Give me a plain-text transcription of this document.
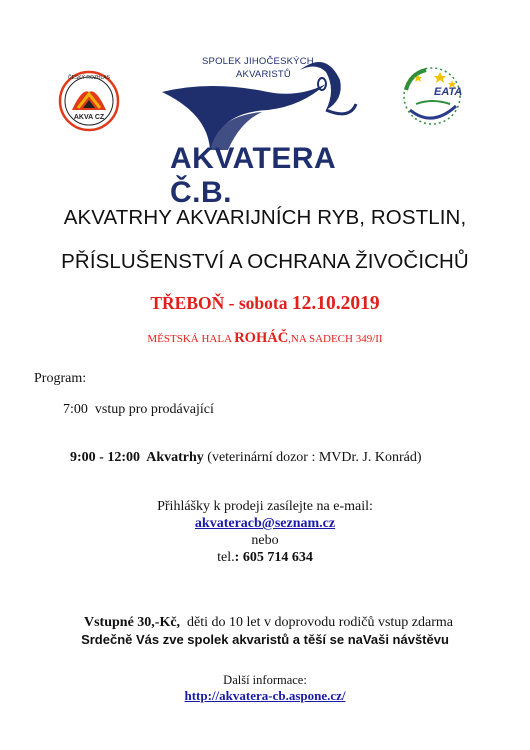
ČESKÝ ROZHLAS
AKVA CZ
SPOLEK JIHOČESKÝCH
AKVARISTŮ
AKVATERA Č.B.
EATA
AKVATRHY AKVARIJNÍCH RYB, ROSTLIN,
PŘÍSLUŠENSTVÍ A OCHRANA ŽIVOČICHŮ
TŘEBOŇ - sobota 12.10.2019
MĚSTSKÁ HALA ROHÁČ,NA SADECH 349/II
Program:
7:00  vstup pro prodávající

9:00 - 12:00  Akvatrhy (veterinární dozor : MVDr. J. Konrád)

Přihlášky k prodeji zasílejte na e-mail:
akvateracb@seznam.cz
nebo
tel.: 605 714 634

Vstupné 30,-Kč,  děti do 10 let v doprovodu rodičů vstup zdarma

Srdečně Vás zve spolek akvaristů a těší se naVaši návštěvu
Další informace:
http://akvatera-cb.aspone.cz/
